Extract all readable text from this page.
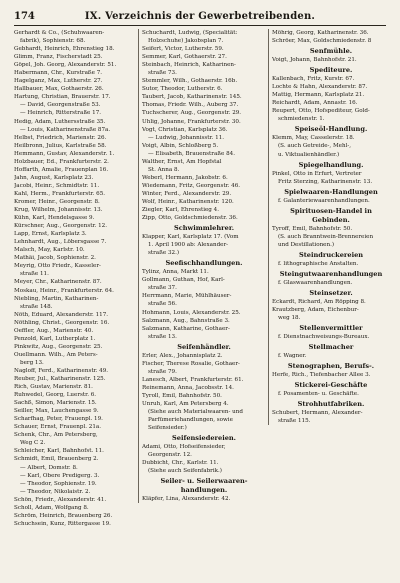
174	IX. Verzeichnis der Gewerbetreibenden.
Gerhardt & Co., (Schuhwaaren-
fabrik), Sophienstr. 68.
Gebhardt, Heinrich, Ehrenstieg 18.
Glimm, Franz, Fischerstadt 25.
Göpel, Joh. Georg, Alexanderstr. 51.
Habermann, Chr., Kurstraße 7.
Hagelganz, Max, Lutherstr. 27.
Hallbauer, Max, Gothaerstr. 26.
Hartung, Christian, Brauerstr. 17.
— David, Georgenstraße 53.
— Heinrich, Ritterstraße 17.
Hedig, Adam, Luthersstraße 35.
— Louis, Katharinenstraße 87a.
Helbst, Friedrich, Marienstr. 26.
Heilbronn, Julius, Karlstraße 58.
Hemmann, Gustav, Alexanderstr. 1.
Holzbauer, Ed., Frankfurterstr. 2.
Hoffarth, Amalie, Frauenplan 16.
Jahn, August, Karlsplatz 23.
Jacobi, Heinr., Schmidtstr. 11.
Kahl, Herm., Frankfurterstr. 65.
Kromer, Heinr., Georgenstr. 8.
Krug, Wilhelm, Johannisstr. 13.
Kühn, Karl, Hendelsgasse 9.
Kürschner, Aug., Georgenstr. 12.
Lapp, Ernst, Karlsplatz 3.
Lehnhardt, Aug., Löbersgasse 7.
Malsch, May, Karlstr. 10.
Mathäi, Jacob, Sophienstr. 2.
Meyrig, Otto Friedr., Kasseler-
straße 11.
Meyer, Chr., Katharinenstr. 87.
Moskau, Heinr., Frankfurterstr. 64.
Niebling, Martin, Katharinen-
straße 148.
Nöth, Eduard, Alexanderstr. 117.
Nöthling, Christ., Georgenstr. 16.
Oeffler, Aug., Marienstr. 40.
Penzold, Karl, Lutherplatz 1.
Pinkwitz, Aug., Georgenstr. 25.
Ouellmann. Wilh., Am Peters-
berg 13.
Nagloff, Ferd., Katharinenstr. 49.
Reuber, Jul., Katharinenstr. 125.
Rich, Gustav, Marienstr. 81.
Ruhwedel, Georg, Luerstr. 6.
Sachß, Simon, Marienstr. 15.
Seiller, Max, Lauchengasse 9.
Scharfhag, Peter, Frauenpl. 19.
Schauer, Ernst, Frauenpl. 21a.
Schenk, Chr., Am Petersberg,
Weg C 2.
Schleicher, Karl, Bahnhofst. 11.
Schmidt, Emil, Brauenberg 2.
— Albert, Domstr. 8.
— Karl, Obere Predigerg. 3.
— Theodor, Sophienstr. 19.
— Theodor, Nikolaistr. 2.
Schön, Friedr., Alexanderstr. 41.
Scholl, Adam, Wolfgang 8.
Schröm, Heinrich, Brauenberg 26.
Schuchsein, Kunz, Rittergasse 19.
Schuchardt, Ludwig, (Specialität:
Holzschuhe) Jakobsplan 7.
Seifert, Victor, Lutherstr. 59.
Semmer, Karl, Gothaerstr. 27.
Steinbach, Heinrich, Katharinen-
straße 73.
Stemmler, Wilh., Gothaerstr. 16b.
Sutor, Theodor, Lutherstr. 6.
Taubert, Jacob, Katharinenstr. 145.
Thomas, Friedr. Wilh., Auberg 37.
Tuchscherer, Aug., Georgenstr. 29.
Uhlig, Johanne, Frankfurterstr. 30.
Vogt, Christian, Karlsplatz 36.
— Ludwig, Johannisstr. 11.
Voigt, Albin, Schloßberg 5.
— Elisabeth, Brauenstraße 84.
Walther, Ernst, Am Hopfstal
St. Anna 8.
Weberl, Hermann, Jakobstr. 6.
Wiedemann, Fritz, Georgenstr. 46.
Winter, Ferd., Alexanderstr. 29.
Wolf, Heinr., Katharinenstr. 120.
Ziegler, Karl, Ehrenstieg 4.
Zipp, Otto, Goldschmiedenstr. 36.
Schwimmlehrer.
Klapper, Karl, Karlsplatz 17. (Vom
1. April 1900 ab: Alexander-
straße 32.)
Seefischhandlungen.
Tylinz, Anna, Markt 11.
Gollmann, Guthan, Hof, Karl-
straße 37.
Herrmann, Marie, Mühlhäuser-
straße 56.
Hohmann, Louis, Alexanderstr. 25.
Salzmann, Aug., Bahnstraße 3.
Salzmann, Katharine, Gothaer-
straße 13.
Seifenhändler.
Erler, Alex., Johannisplatz 2.
Fischer, Therese Rosalie, Gothaer-
straße 79.
Lanesch, Albert, Frankfurterstr. 61.
Reinemann, Anna, Jacobsstr. 14.
Tyroll, Emil, Bahnhofstr. 50.
Unruh, Karl, Am Petersberg 4.
(Siehe auch Materialwaaren- und
Parfümeriehandlungen, sowie
Seifensieder.)
Seifensiedereien.
Adami, Otto, Hofseifensieder,
Georgenstr. 12.
Dubbicht, Chr., Karlstr. 11.
(Siehe auch Seifenfabrik.)
Seiler- u. Seilerwaaren-
handlungen.
Kläpfer, Lina, Alexanderstr. 42.
Möhrig, Georg, Katharinenstr. 36.
Schröer, Max, Goldschmiedenstr. 8
Senfmühle.
Voigt, Johann, Bahnhofstr. 21.
Spediteure.
Kallenbach, Fritz, Kurstr. 67.
Lochte & Hahn, Alexanderstr. 87.
Mattig, Hermann, Karlsplatz 21.
Reichardt, Adam, Annastr. 16.
Reupert, Otto, Hofspediteur, Gold-
schmiedenstr. 1.
Speiseöl-Handlung.
Klemm, May, Casselerstr. 18.
(S. auch Getreide-, Mehl-,
u. Viktualienhändler.)
Spiegelhandlung.
Pinkel, Otto in Erfurt, Vertreter
Fritz Sterzing, Katharinenstr. 13.
Spielwaaren-Handlungen
f. Galanteriewaarenhandlungen.
Spirituosen-Handel in
Gebinden.
Tyroff, Emil, Bahnhofstr. 50.
(S. auch Branntwein-Brennereien
und Destillationen.)
Steindruckereien
f. lithographische Anstalten.
Steingutwaarenhandlungen
f. Glaswaarenhandlungen.
Steinsetzer.
Eckardt, Richard, Am Röpping 8.
Krautzberg, Adam, Eichenbur-
weg 18.
Stellenvermittler
f. Dienstnachweisungs-Bureaux.
Stellmacher
f. Wagner.
Stenographen, Berufs-.
Herfe, Rich., Tiefenbacher Allee 3.
Stickerei-Geschäfte
f. Posamenten- u. Geschäfte.
Strohhutfabriken.
Schubert, Hermann, Alexander-
straße 115.
